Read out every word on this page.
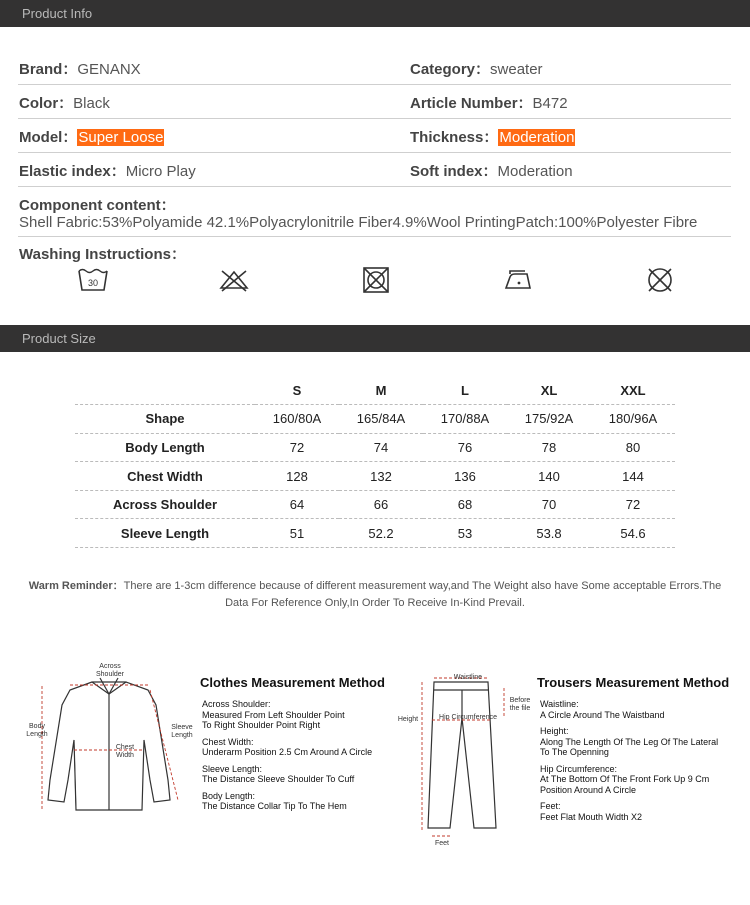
Product Info
Brand：GENANX	Category：sweater
Color：Black	Article Number：B472
Model：Super Loose	Thickness：Moderation
Elastic index：Micro Play	Soft index：Moderation
Component content：
Shell Fabric:53%Polyamide 42.1%Polyacrylonitrile Fiber4.9%Wool PrintingPatch:100%Polyester Fibre
Washing Instructions：
30
Product Size
	S	M	L	XL	XXL
Shape	160/80A	165/84A	170/88A	175/92A	180/96A
Body Length	72	74	76	78	80
Chest Width	128	132	136	140	144
Across Shoulder	64	66	68	70	72
Sleeve Length	51	52.2	53	53.8	54.6
Warm Reminder：There are 1-3cm difference because of different measurement way,and The Weight also have Some acceptable Errors.The
Data For Reference Only,In Order To Receive In-Kind Prevail.
Across
Shoulder
Body
Length
Sleeve
Length
Chest
Width
Clothes Measurement Method
Across Shoulder:
Measured From Left Shoulder Point
To Right Shoulder Point Right
Chest Width:
Underarm Position 2.5 Cm Around A Circle
Sleeve Length:
The Distance Sleeve Shoulder To Cuff
Body Length:
The Distance Collar Tip To The Hem
Waistline
Before
the file
Height	Hip Circumference
Feet
Trousers Measurement Method
Waistline:
A Circle Around The Waistband
Height:
Along The Length Of The Leg Of The Lateral
To The Openning
Hip Circumference:
At The Bottom Of The Front Fork Up 9 Cm
Position Around A Circle
Feet:
Feet Flat Mouth Width X2
